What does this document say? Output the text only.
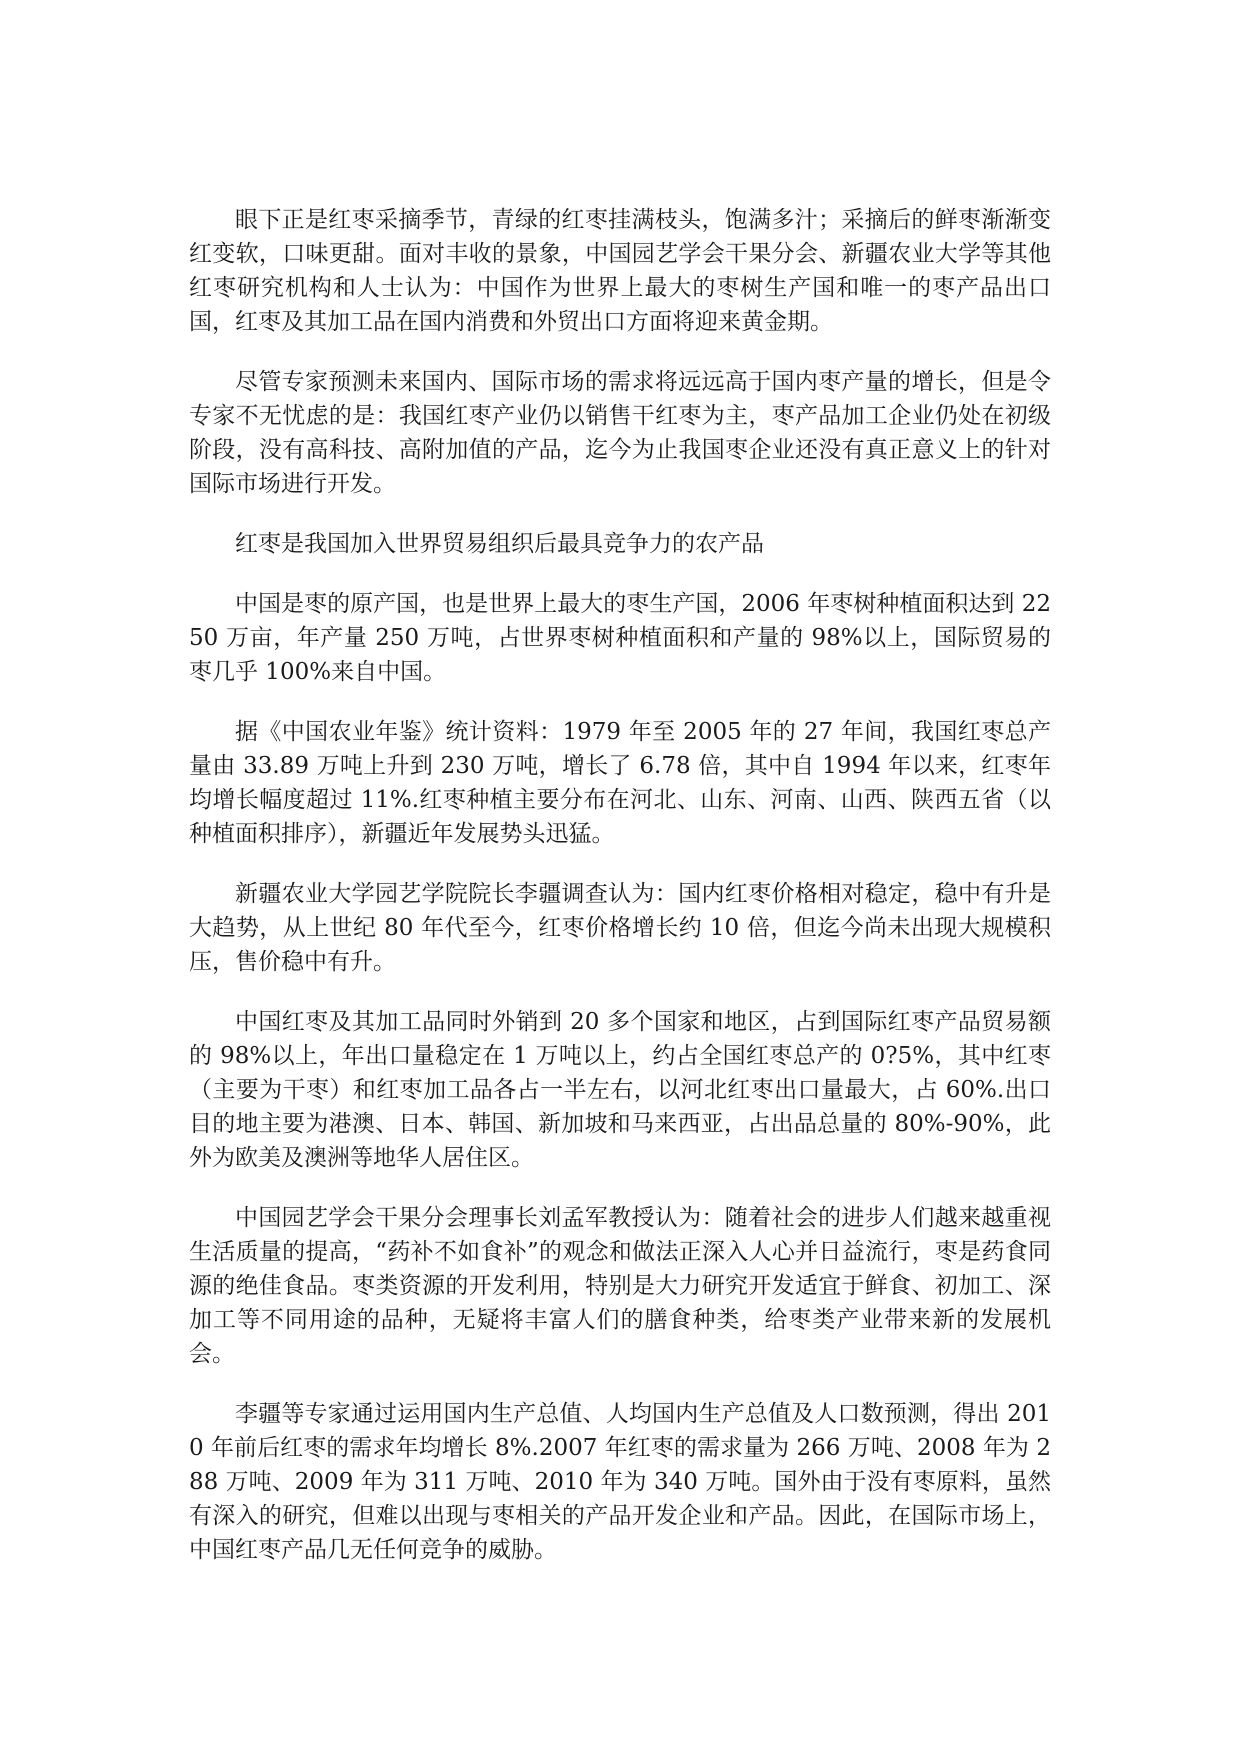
眼下正是红枣采摘季节，青绿的红枣挂满枝头，饱满多汁；采摘后的鲜枣渐渐变红变软，口味更甜。面对丰收的景象，中国园艺学会干果分会、新疆农业大学等其他红枣研究机构和人士认为：中国作为世界上最大的枣树生产国和唯一的枣产品出口国，红枣及其加工品在国内消费和外贸出口方面将迎来黄金期。

尽管专家预测未来国内、国际市场的需求将远远高于国内枣产量的增长，但是令专家不无忧虑的是：我国红枣产业仍以销售干红枣为主，枣产品加工企业仍处在初级阶段，没有高科技、高附加值的产品，迄今为止我国枣企业还没有真正意义上的针对国际市场进行开发。

红枣是我国加入世界贸易组织后最具竞争力的农产品

中国是枣的原产国，也是世界上最大的枣生产国，2006 年枣树种植面积达到 2250 万亩，年产量 250 万吨，占世界枣树种植面积和产量的 98%以上，国际贸易的枣几乎 100%来自中国。

据《中国农业年鉴》统计资料：1979 年至 2005 年的 27 年间，我国红枣总产量由 33.89 万吨上升到 230 万吨，增长了 6.78 倍，其中自 1994 年以来，红枣年均增长幅度超过 11%.红枣种植主要分布在河北、山东、河南、山西、陕西五省（以种植面积排序），新疆近年发展势头迅猛。

新疆农业大学园艺学院院长李疆调查认为：国内红枣价格相对稳定，稳中有升是大趋势，从上世纪 80 年代至今，红枣价格增长约 10 倍，但迄今尚未出现大规模积压，售价稳中有升。

中国红枣及其加工品同时外销到 20 多个国家和地区，占到国际红枣产品贸易额的 98%以上，年出口量稳定在 1 万吨以上，约占全国红枣总产的 0?5%，其中红枣（主要为干枣）和红枣加工品各占一半左右，以河北红枣出口量最大，占 60%.出口目的地主要为港澳、日本、韩国、新加坡和马来西亚，占出品总量的 80%-90%，此外为欧美及澳洲等地华人居住区。

中国园艺学会干果分会理事长刘孟军教授认为：随着社会的进步人们越来越重视生活质量的提高，“药补不如食补”的观念和做法正深入人心并日益流行，枣是药食同源的绝佳食品。枣类资源的开发利用，特别是大力研究开发适宜于鲜食、初加工、深加工等不同用途的品种，无疑将丰富人们的膳食种类，给枣类产业带来新的发展机会。

李疆等专家通过运用国内生产总值、人均国内生产总值及人口数预测，得出 2010 年前后红枣的需求年均增长 8%.2007 年红枣的需求量为 266 万吨、2008 年为 288 万吨、2009 年为 311 万吨、2010 年为 340 万吨。国外由于没有枣原料，虽然有深入的研究，但难以出现与枣相关的产品开发企业和产品。因此，在国际市场上，中国红枣产品几无任何竞争的威胁。
